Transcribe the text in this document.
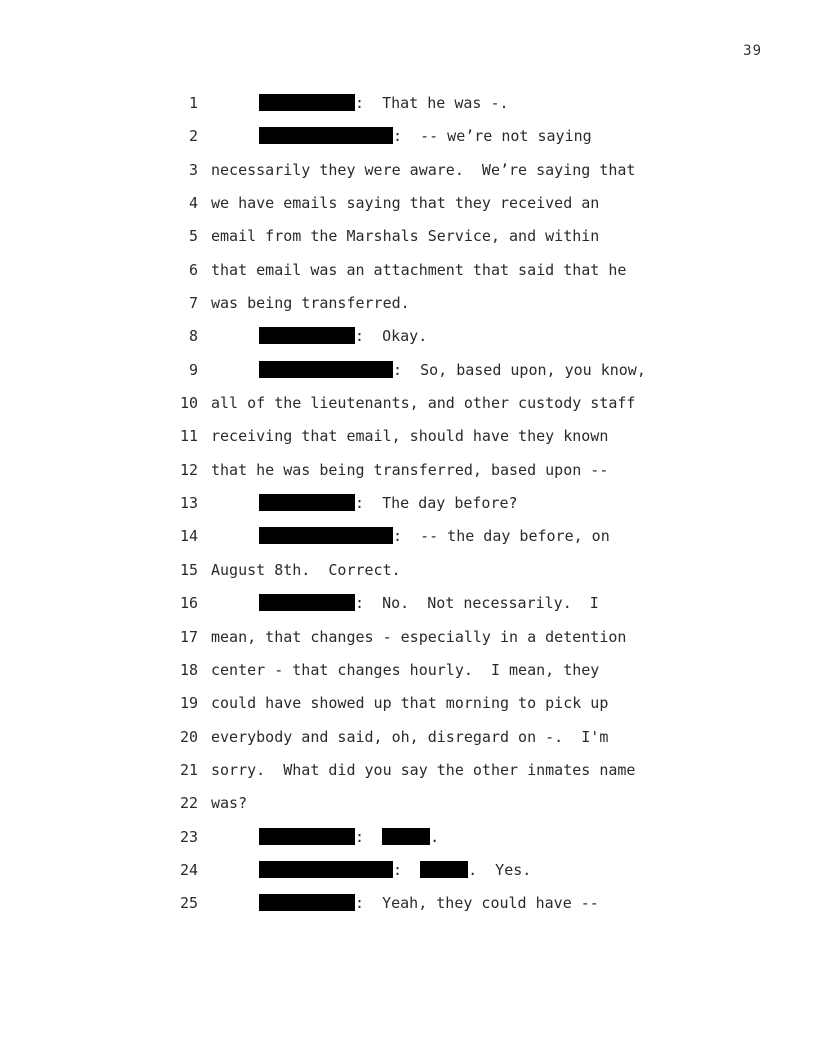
39
1	:  That he was -.
2	:  -- we’re not saying
3 necessarily they were aware.  We’re saying that
4 we have emails saying that they received an
5 email from the Marshals Service, and within
6 that email was an attachment that said that he
7 was being transferred.
8	:  Okay.
9	:  So, based upon, you know,
10 all of the lieutenants, and other custody staff
11 receiving that email, should have they known
12 that he was being transferred, based upon --
13	:  The day before?
14	:  -- the day before, on
15 August 8th.  Correct.
16	:  No.  Not necessarily.  I
17 mean, that changes - especially in a detention
18 center - that changes hourly.  I mean, they
19 could have showed up that morning to pick up
20 everybody and said, oh, disregard on -.  I'm
21 sorry.  What did you say the other inmates name
22 was?
23	:	.
24	:	.  Yes.
25	:  Yeah, they could have --
